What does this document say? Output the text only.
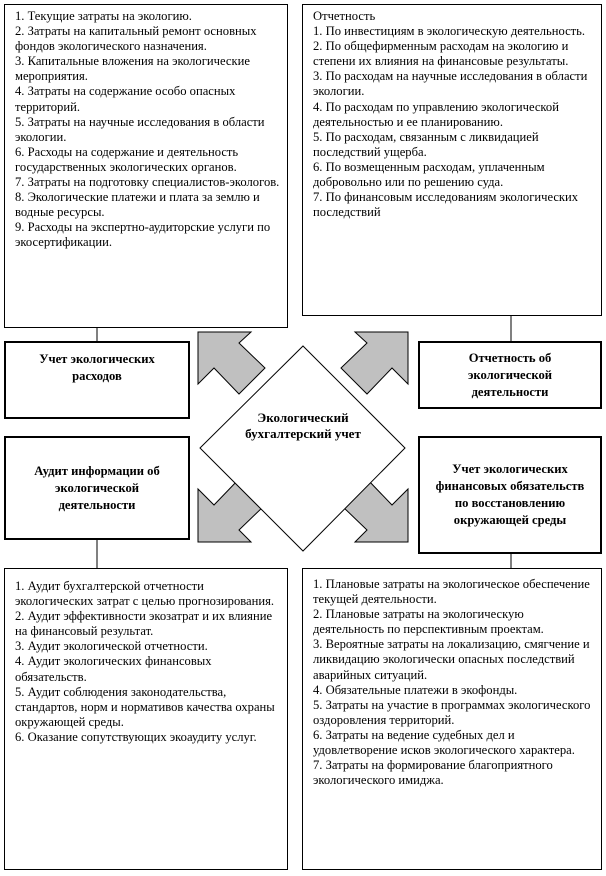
1. Текущие затраты на экологию.
2. Затраты на капитальный ремонт основных фондов экологического назначения.
3. Капитальные вложения на экологические мероприятия.
4. Затраты на содержание особо опасных территорий.
5. Затраты на научные исследования в области экологии.
6. Расходы на содержание и деятельность государственных экологических органов.
7. Затраты на подготовку специалистов-экологов.
8. Экологические платежи и плата за землю и водные ресурсы.
9. Расходы на экспертно-аудиторские услуги по экосертификации.
Отчетность
1. По инвестициям в экологическую деятельность.
2. По общефирменным расходам на экологию и степени их влияния на финансовые результаты.
3. По расходам на научные исследования в области экологии.
4. По расходам по управлению экологической деятельностью и ее планированию.
5. По расходам, связанным с ликвидацией последствий ущерба.
6. По возмещенным расходам, уплаченным добровольно или по решению суда.
7. По финансовым исследованиям экологических последствий
Учет экологических расходов
Отчетность об экологической деятельности
Аудит информации об экологической деятельности
Учет экологических финансовых обязательств по восстановлению окружающей среды
Экологический бухгалтерский учет
1. Аудит бухгалтерской отчетности экологических затрат с целью прогнозирования.
2. Аудит эффективности экозатрат и их влияние на финансовый результат.
3. Аудит экологической отчетности.
4. Аудит экологических финансовых обязательств.
5. Аудит соблюдения законодательства, стандартов, норм и нормативов качества охраны окружающей среды.
6. Оказание сопутствующих экоаудиту услуг.
1. Плановые затраты на экологическое обеспечение текущей деятельности.
2. Плановые затраты на экологическую деятельность по перспективным проектам.
3. Вероятные затраты на локализацию, смягчение и ликвидацию экологически опасных последствий аварийных ситуаций.
4. Обязательные платежи в экофонды.
5. Затраты на участие в программах экологического оздоровления территорий.
6. Затраты на ведение судебных дел и удовлетворение исков экологического характера.
7. Затраты на формирование благоприятного экологического имиджа.
